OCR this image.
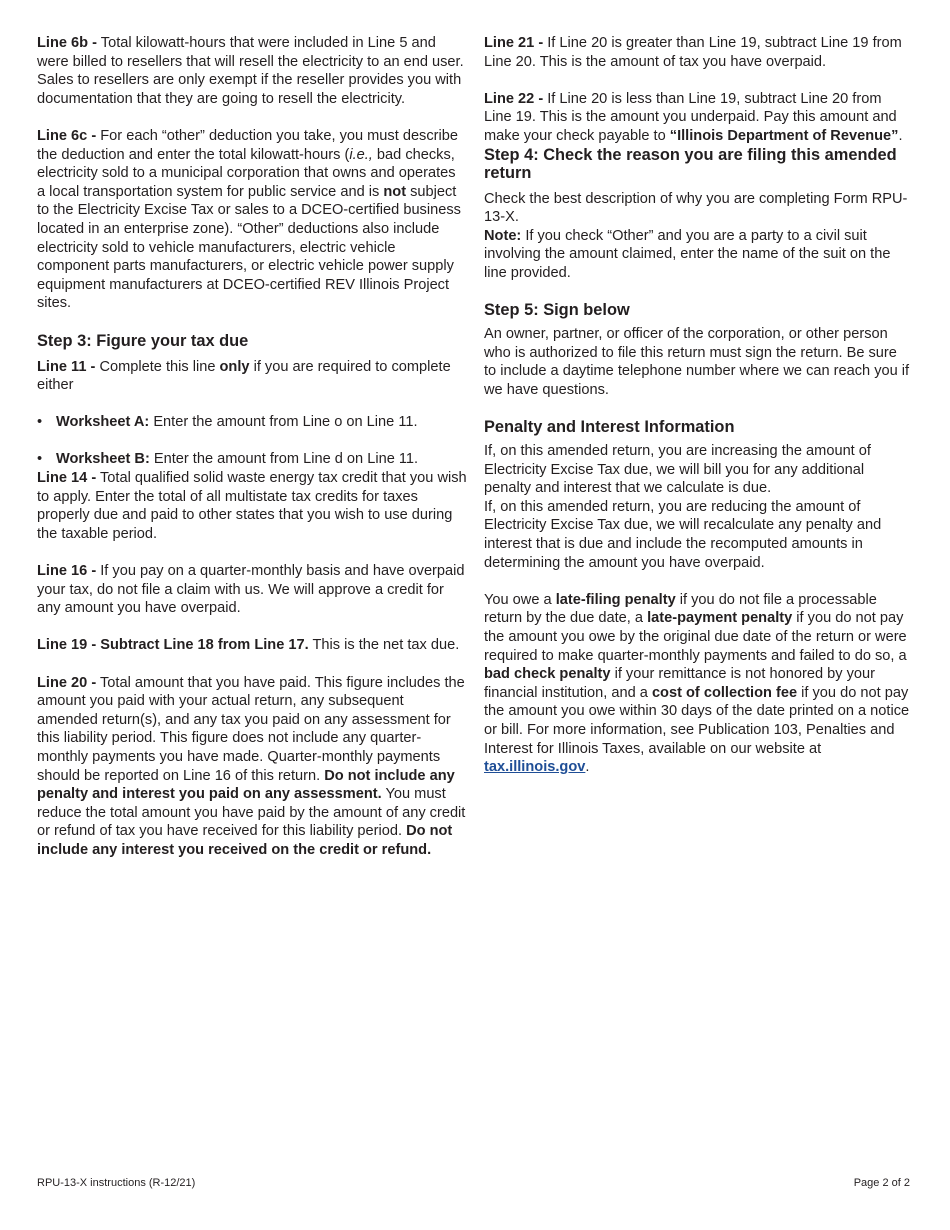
Line 6b - Total kilowatt-hours that were included in Line 5 and were billed to resellers that will resell the electricity to an end user. Sales to resellers are only exempt if the reseller provides you with documentation that they are going to resell the electricity.

Line 6c - For each “other” deduction you take, you must describe the deduction and enter the total kilowatt-hours (i.e., bad checks, electricity sold to a municipal corporation that owns and operates a local transportation system for public service and is not subject to the Electricity Excise Tax or sales to a DCEO-certified business located in an enterprise zone). “Other” deductions also include electricity sold to vehicle manufacturers, electric vehicle component parts manufacturers, or electric vehicle power supply equipment manufacturers at DCEO-certified REV Illinois Project sites.

Step 3: Figure your tax due

Line 11 - Complete this line only if you are required to complete either

• Worksheet A: Enter the amount from Line o on Line 11.

• Worksheet B: Enter the amount from Line d on Line 11.

Line 14 - Total qualified solid waste energy tax credit that you wish to apply. Enter the total of all multistate tax credits for taxes properly due and paid to other states that you wish to use during the taxable period.

Line 16 - If you pay on a quarter-monthly basis and have overpaid your tax, do not file a claim with us. We will approve a credit for any amount you have overpaid.

Line 19 - Subtract Line 18 from Line 17. This is the net tax due.

Line 20 - Total amount that you have paid. This figure includes the amount you paid with your actual return, any subsequent amended return(s), and any tax you paid on any assessment for this liability period. This figure does not include any quarter-monthly payments you have made. Quarter-monthly payments should be reported on Line 16 of this return. Do not include any penalty and interest you paid on any assessment. You must reduce the total amount you have paid by the amount of any credit or refund of tax you have received for this liability period. Do not include any interest you received on the credit or refund.

Line 21 - If Line 20 is greater than Line 19, subtract Line 19 from Line 20. This is the amount of tax you have overpaid.

Line 22 - If Line 20 is less than Line 19, subtract Line 20 from Line 19. This is the amount you underpaid. Pay this amount and make your check payable to “Illinois Department of Revenue”.

Step 4: Check the reason you are filing this amended return

Check the best description of why you are completing Form RPU-13-X.

Note: If you check “Other” and you are a party to a civil suit involving the amount claimed, enter the name of the suit on the line provided.

Step 5: Sign below

An owner, partner, or officer of the corporation, or other person who is authorized to file this return must sign the return. Be sure to include a daytime telephone number where we can reach you if we have questions.

Penalty and Interest Information

If, on this amended return, you are increasing the amount of Electricity Excise Tax due, we will bill you for any additional penalty and interest that we calculate is due.

If, on this amended return, you are reducing the amount of Electricity Excise Tax due, we will recalculate any penalty and interest that is due and include the recomputed amounts in determining the amount you have overpaid.

You owe a late-filing penalty if you do not file a processable return by the due date, a late-payment penalty if you do not pay the amount you owe by the original due date of the return or were required to make quarter-monthly payments and failed to do so, a bad check penalty if your remittance is not honored by your financial institution, and a cost of collection fee if you do not pay the amount you owe within 30 days of the date printed on a notice or bill. For more information, see Publication 103, Penalties and Interest for Illinois Taxes, available on our website at tax.illinois.gov.

RPU-13-X instructions (R-12/21)	Page 2 of 2
